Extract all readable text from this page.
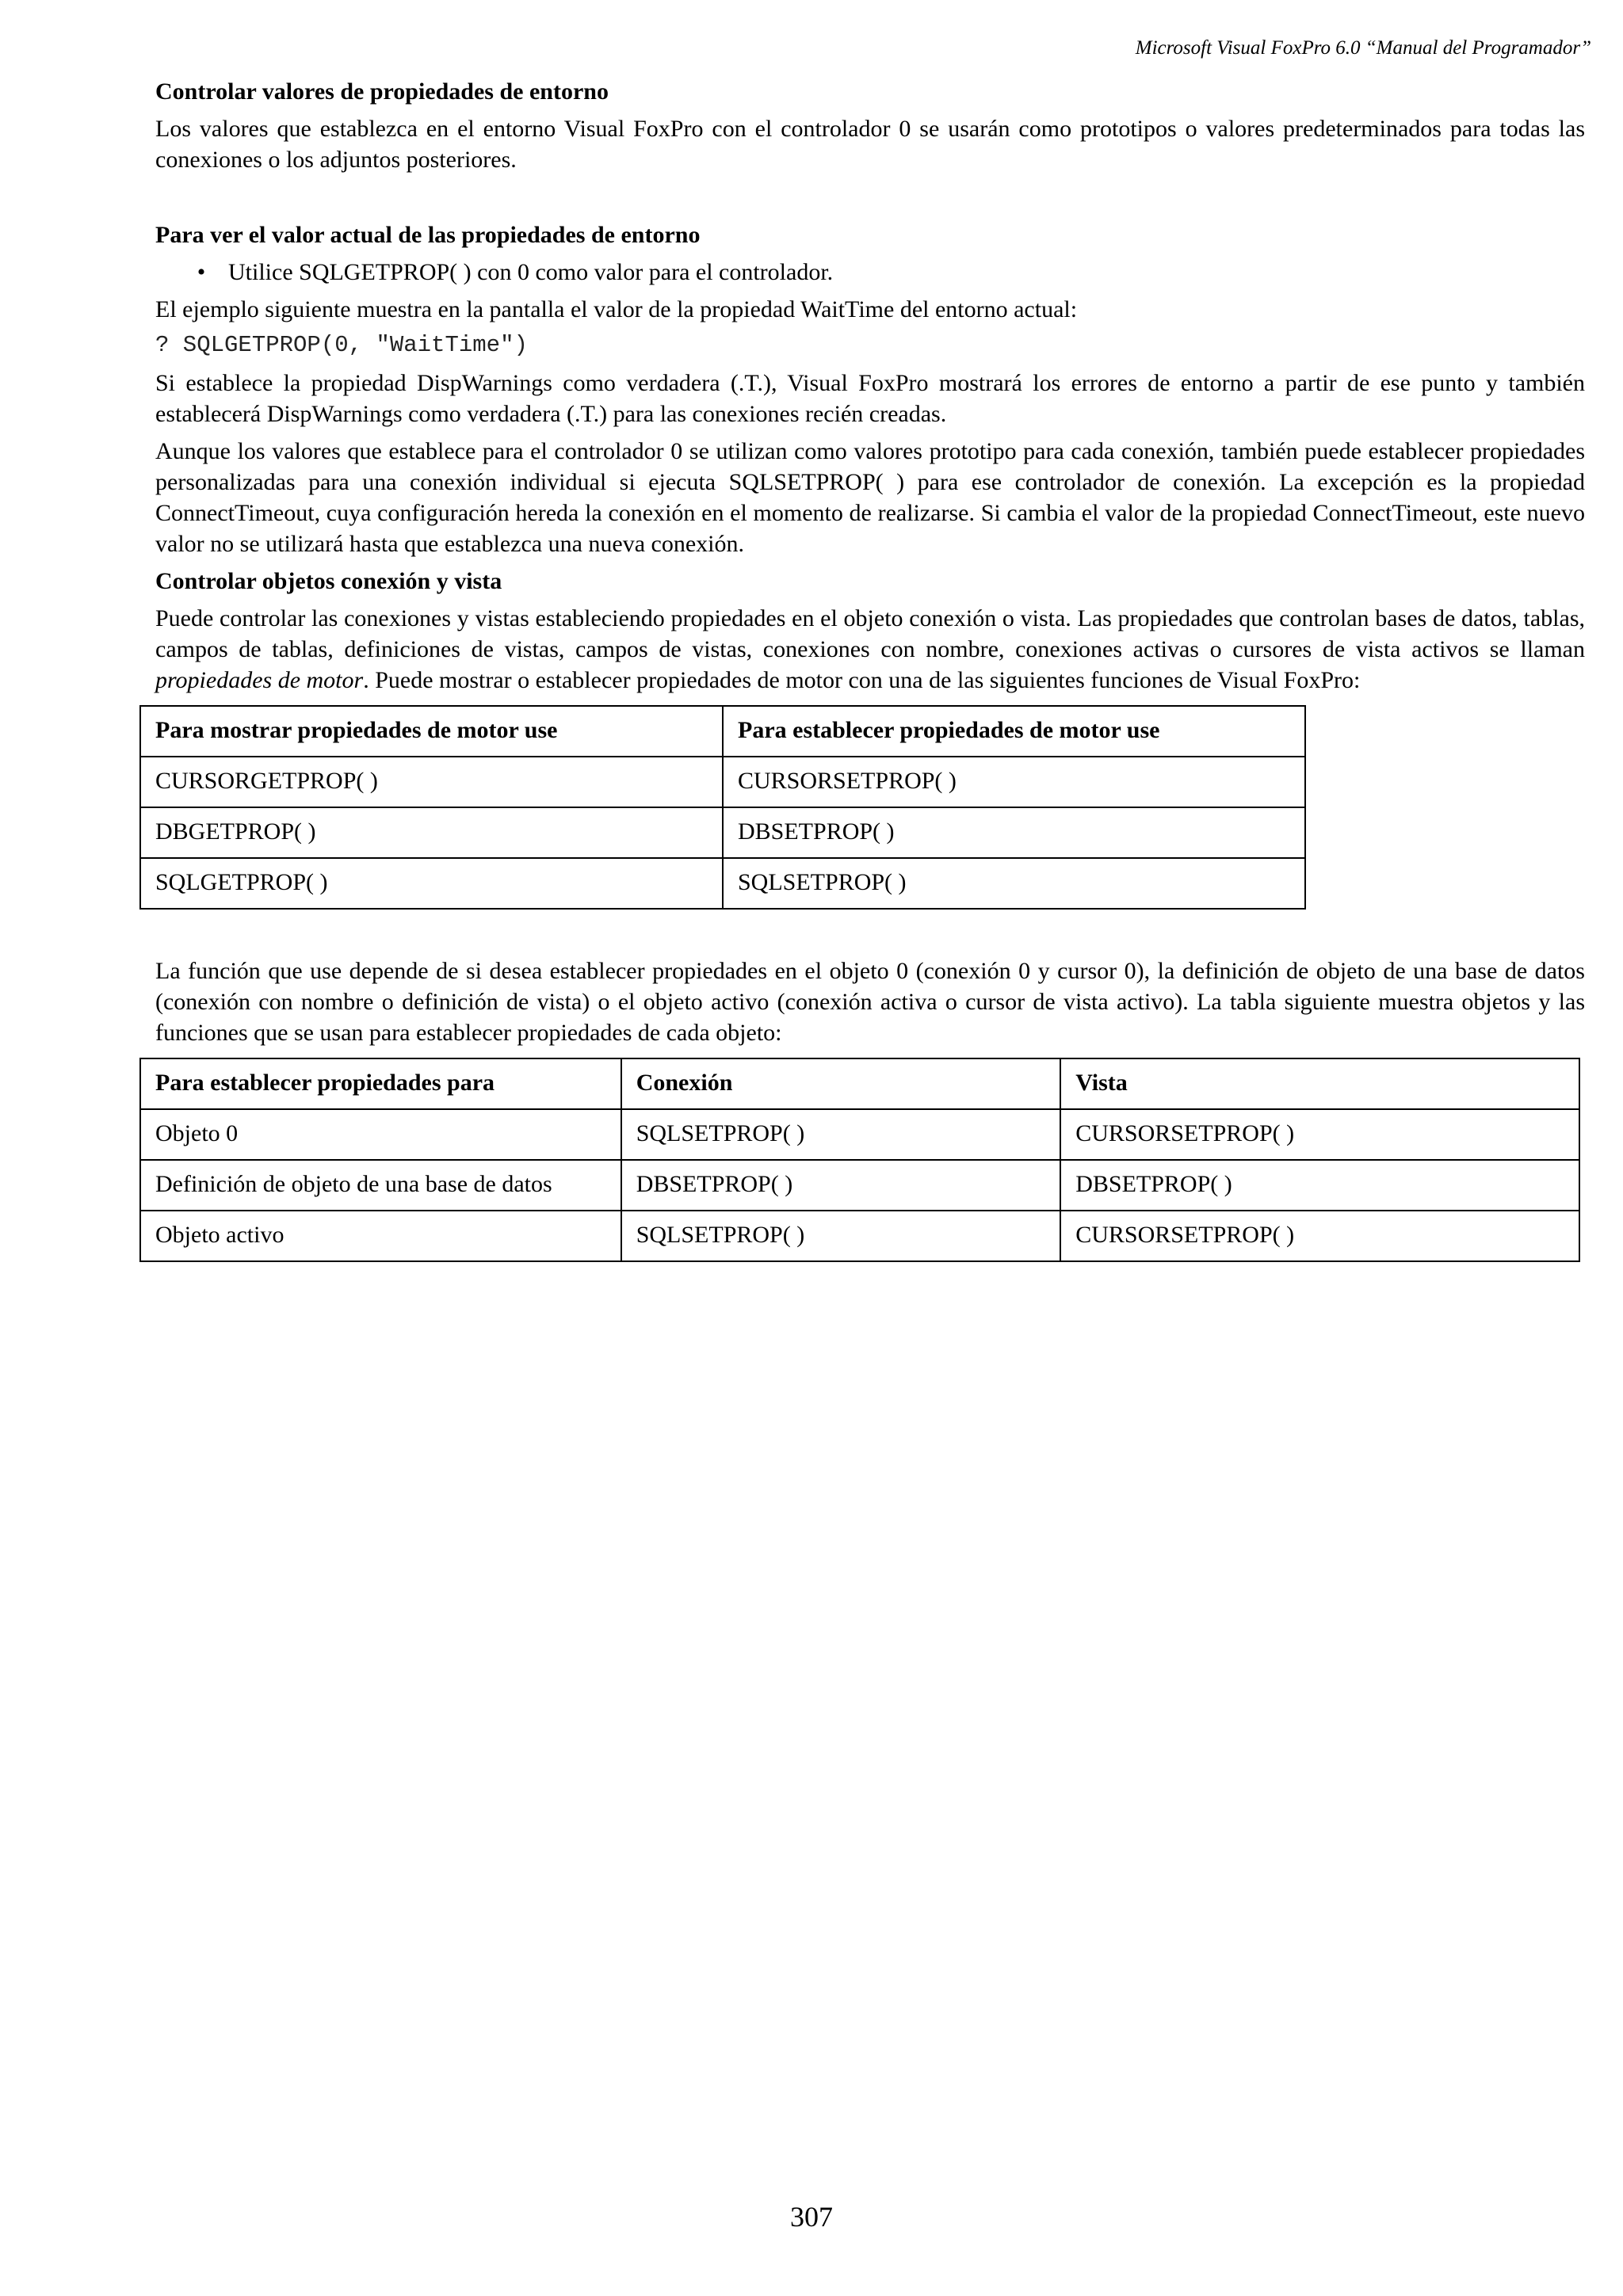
Microsoft Visual FoxPro 6.0 “Manual del Programador”
Controlar valores de propiedades de entorno

Los valores que establezca en el entorno Visual FoxPro con el controlador 0 se usarán como prototipos o valores predeterminados para todas las conexiones o los adjuntos posteriores.

Para ver el valor actual de las propiedades de entorno
• Utilice SQLGETPROP( ) con 0 como valor para el controlador.

El ejemplo siguiente muestra en la pantalla el valor de la propiedad WaitTime del entorno actual:

? SQLGETPROP(0, "WaitTime")

Si establece la propiedad DispWarnings como verdadera (.T.), Visual FoxPro mostrará los errores de entorno a partir de ese punto y también establecerá DispWarnings como verdadera (.T.) para las conexiones recién creadas.

Aunque los valores que establece para el controlador 0 se utilizan como valores prototipo para cada conexión, también puede establecer propiedades personalizadas para una conexión individual si ejecuta SQLSETPROP( ) para ese controlador de conexión. La excepción es la propiedad ConnectTimeout, cuya configuración hereda la conexión en el momento de realizarse. Si cambia el valor de la propiedad ConnectTimeout, este nuevo valor no se utilizará hasta que establezca una nueva conexión.

Controlar objetos conexión y vista

Puede controlar las conexiones y vistas estableciendo propiedades en el objeto conexión o vista. Las propiedades que controlan bases de datos, tablas, campos de tablas, definiciones de vistas, campos de vistas, conexiones con nombre, conexiones activas o cursores de vista activos se llaman propiedades de motor. Puede mostrar o establecer propiedades de motor con una de las siguientes funciones de Visual FoxPro:

Para mostrar propiedades de motor use	Para establecer propiedades de motor use
CURSORGETPROP( )	CURSORSETPROP( )
DBGETPROP( )	DBSETPROP( )
SQLGETPROP( )	SQLSETPROP( )

La función que use depende de si desea establecer propiedades en el objeto 0 (conexión 0 y cursor 0), la definición de objeto de una base de datos (conexión con nombre o definición de vista) o el objeto activo (conexión activa o cursor de vista activo). La tabla siguiente muestra objetos y las funciones que se usan para establecer propiedades de cada objeto:

Para establecer propiedades para	Conexión	Vista
Objeto 0	SQLSETPROP( )	CURSORSETPROP( )
Definición de objeto de una base de datos	DBSETPROP( )	DBSETPROP( )
Objeto activo	SQLSETPROP( )	CURSORSETPROP( )
307
